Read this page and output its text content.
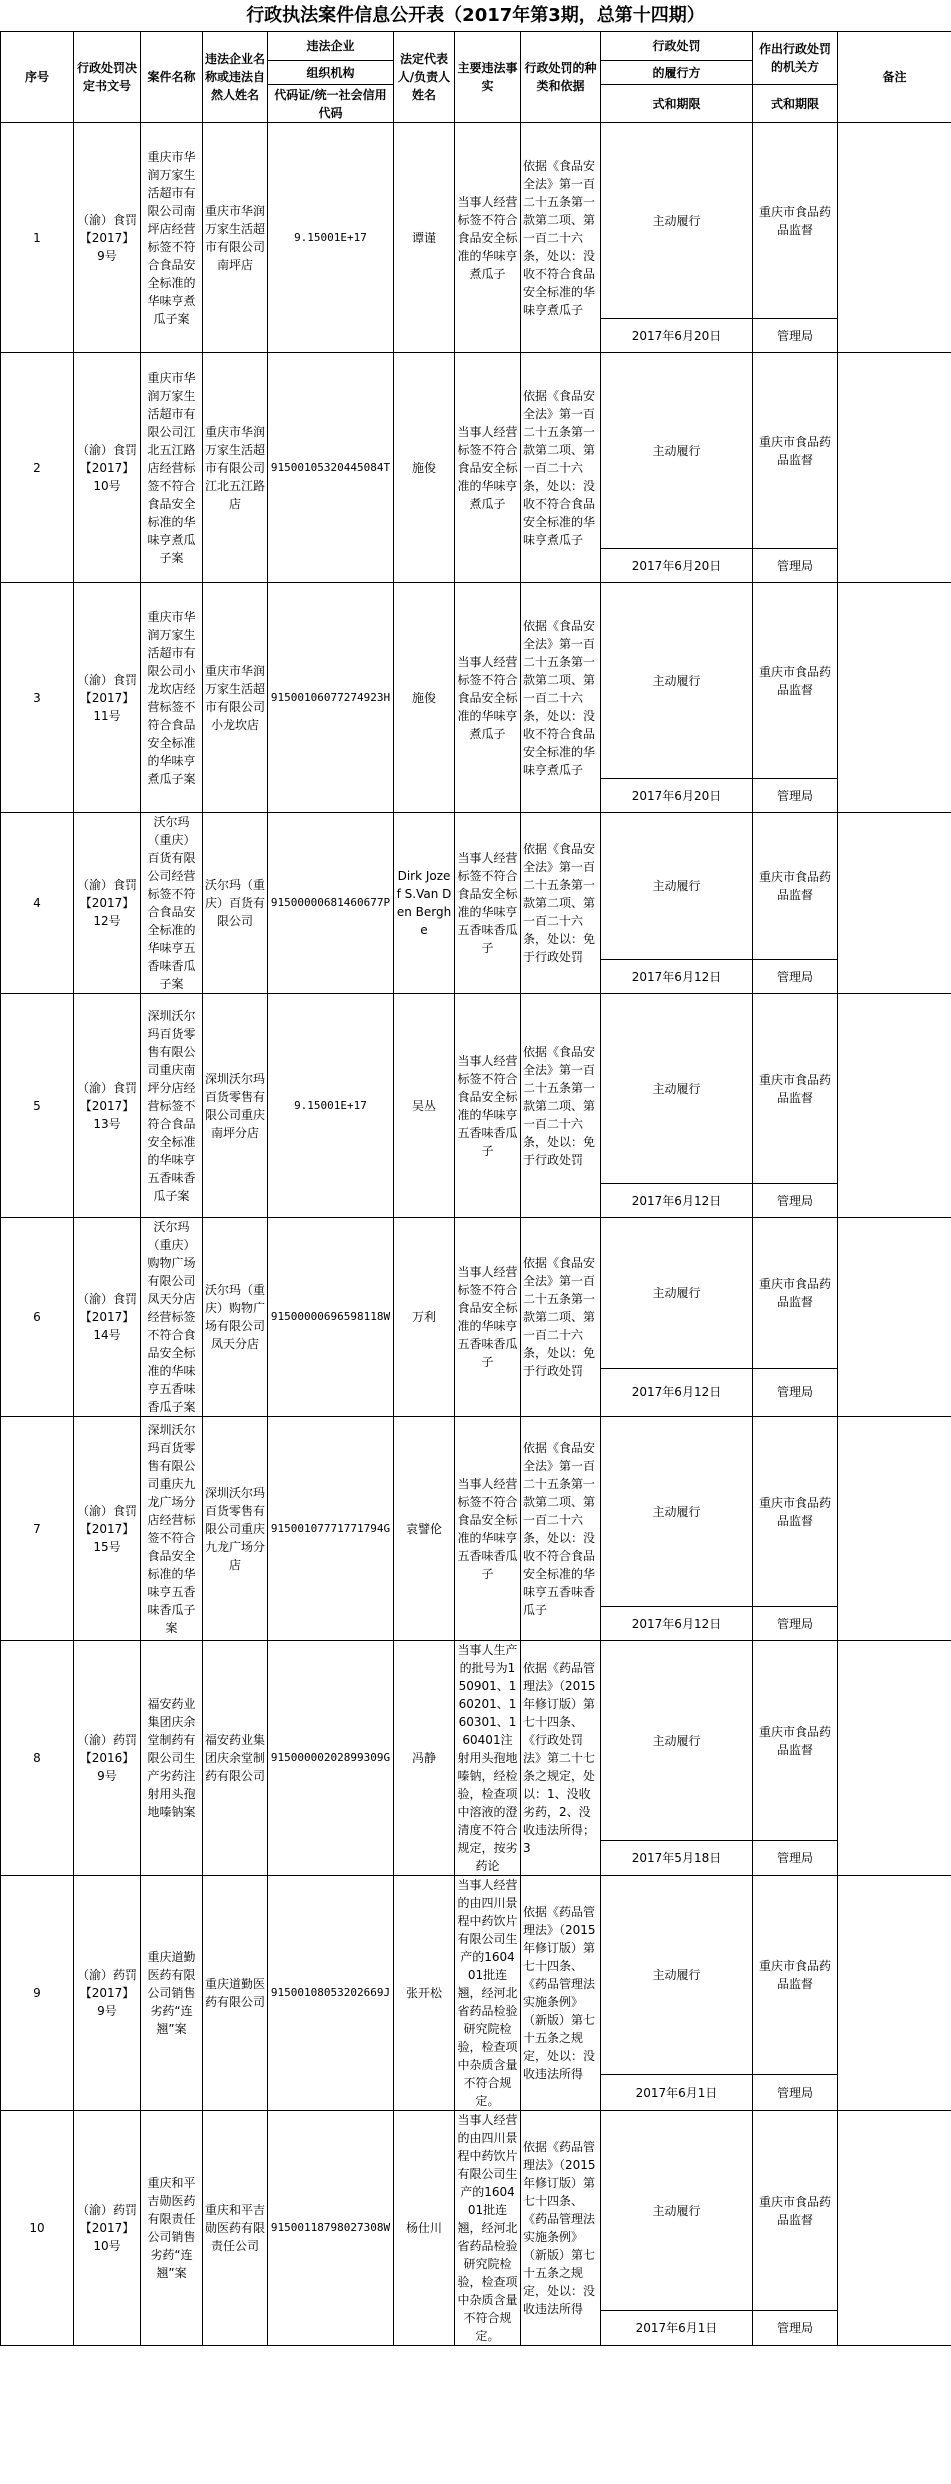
行政执法案件信息公开表（2017年第3期，总第十四期）
序号	行政处罚决定书文号	案件名称	违法企业名称或违法自然人姓名	违法企业	法定代表人/负责人姓名	主要违法事实	行政处罚的种类和依据	行政处罚	作出行政处罚的机关方	备注
				组织机构				的履行方		
				代码证/统一社会信用代码				式和期限	式和期限	
1	（渝）食罚【2017】9号	重庆市华润万家生活超市有限公司南坪店经营标签不符合食品安全标准的华味亨煮瓜子案	重庆市华润万家生活超市有限公司南坪店	9.15001E+17	谭谨	当事人经营标签不符合食品安全标准的华味亨煮瓜子	依据《食品安全法》第一百二十五条第一款第二项、第一百二十六条，处以：没收不符合食品安全标准的华味亨煮瓜子	主动履行	重庆市食品药品监督	
								2017年6月20日	管理局	
2	（渝）食罚【2017】10号	重庆市华润万家生活超市有限公司江北五江路店经营标签不符合食品安全标准的华味亨煮瓜子案	重庆市华润万家生活超市有限公司江北五江路店	91500105320445084T	施俊	当事人经营标签不符合食品安全标准的华味亨煮瓜子	依据《食品安全法》第一百二十五条第一款第二项、第一百二十六条，处以：没收不符合食品安全标准的华味亨煮瓜子	主动履行	重庆市食品药品监督	
								2017年6月20日	管理局	
3	（渝）食罚【2017】11号	重庆市华润万家生活超市有限公司小龙坎店经营标签不符合食品安全标准的华味亨煮瓜子案	重庆市华润万家生活超市有限公司小龙坎店	91500106077274923H	施俊	当事人经营标签不符合食品安全标准的华味亨煮瓜子	依据《食品安全法》第一百二十五条第一款第二项、第一百二十六条，处以：没收不符合食品安全标准的华味亨煮瓜子	主动履行	重庆市食品药品监督	
								2017年6月20日	管理局	
4	（渝）食罚【2017】12号	沃尔玛（重庆）百货有限公司经营标签不符合食品安全标准的华味亨五香味香瓜子案	沃尔玛（重庆）百货有限公司	91500000681460677P	Dirk Jozef S.Van Den Berghe	当事人经营标签不符合食品安全标准的华味亨五香味香瓜子	依据《食品安全法》第一百二十五条第一款第二项、第一百二十六条，处以：免于行政处罚	主动履行	重庆市食品药品监督	
								2017年6月12日	管理局	
5	（渝）食罚【2017】13号	深圳沃尔玛百货零售有限公司重庆南坪分店经营标签不符合食品安全标准的华味亨五香味香瓜子案	深圳沃尔玛百货零售有限公司重庆南坪分店	9.15001E+17	吴丛	当事人经营标签不符合食品安全标准的华味亨五香味香瓜子	依据《食品安全法》第一百二十五条第一款第二项、第一百二十六条，处以：免于行政处罚	主动履行	重庆市食品药品监督	
								2017年6月12日	管理局	
6	（渝）食罚【2017】14号	沃尔玛（重庆）购物广场有限公司凤天分店经营标签不符合食品安全标准的华味亨五香味香瓜子案	沃尔玛（重庆）购物广场有限公司凤天分店	91500000696598118W	万利	当事人经营标签不符合食品安全标准的华味亨五香味香瓜子	依据《食品安全法》第一百二十五条第一款第二项、第一百二十六条，处以：免于行政处罚	主动履行	重庆市食品药品监督	
								2017年6月12日	管理局	
7	（渝）食罚【2017】15号	深圳沃尔玛百货零售有限公司重庆九龙广场分店经营标签不符合食品安全标准的华味亨五香味香瓜子案	深圳沃尔玛百货零售有限公司重庆九龙广场分店	91500107771771794G	袁譬伦	当事人经营标签不符合食品安全标准的华味亨五香味香瓜子	依据《食品安全法》第一百二十五条第一款第二项、第一百二十六条，处以：没收不符合食品安全标准的华味亨五香味香瓜子	主动履行	重庆市食品药品监督	
								2017年6月12日	管理局	
8	（渝）药罚【2016】9号	福安药业集团庆余堂制药有限公司生产劣药注射用头孢地嗪钠案	福安药业集团庆余堂制药有限公司	91500000202899309G	冯静	当事人生产的批号为150901、160201、160301、160401注射用头孢地嗪钠，经检验，检查项中溶液的澄清度不符合规定，按劣药论	依据《药品管理法》（2015年修订版）第七十四条、《行政处罚法》第二十七条之规定，处以：1、没收劣药，2、没收违法所得；3	主动履行	重庆市食品药品监督	
								2017年5月18日	管理局	
9	（渝）药罚【2017】9号	重庆道勤医药有限公司销售劣药“连翘”案	重庆道勤医药有限公司	91500108053202669J	张开松	当事人经营的由四川景程中药饮片有限公司生产的160401批连翘，经河北省药品检验研究院检验，检查项中杂质含量不符合规定。	依据《药品管理法》（2015年修订版）第七十四条、《药品管理法实施条例》（新版）第七十五条之规定，处以：没收违法所得	主动履行	重庆市食品药品监督	
								2017年6月1日	管理局	
10	（渝）药罚【2017】10号	重庆和平吉勋医药有限责任公司销售劣药“连翘”案	重庆和平吉勋医药有限责任公司	91500118798027308W	杨仕川	当事人经营的由四川景程中药饮片有限公司生产的160401批连翘，经河北省药品检验研究院检验，检查项中杂质含量不符合规定。	依据《药品管理法》（2015年修订版）第七十四条、《药品管理法实施条例》（新版）第七十五条之规定，处以：没收违法所得	主动履行	重庆市食品药品监督	
								2017年6月1日	管理局	
